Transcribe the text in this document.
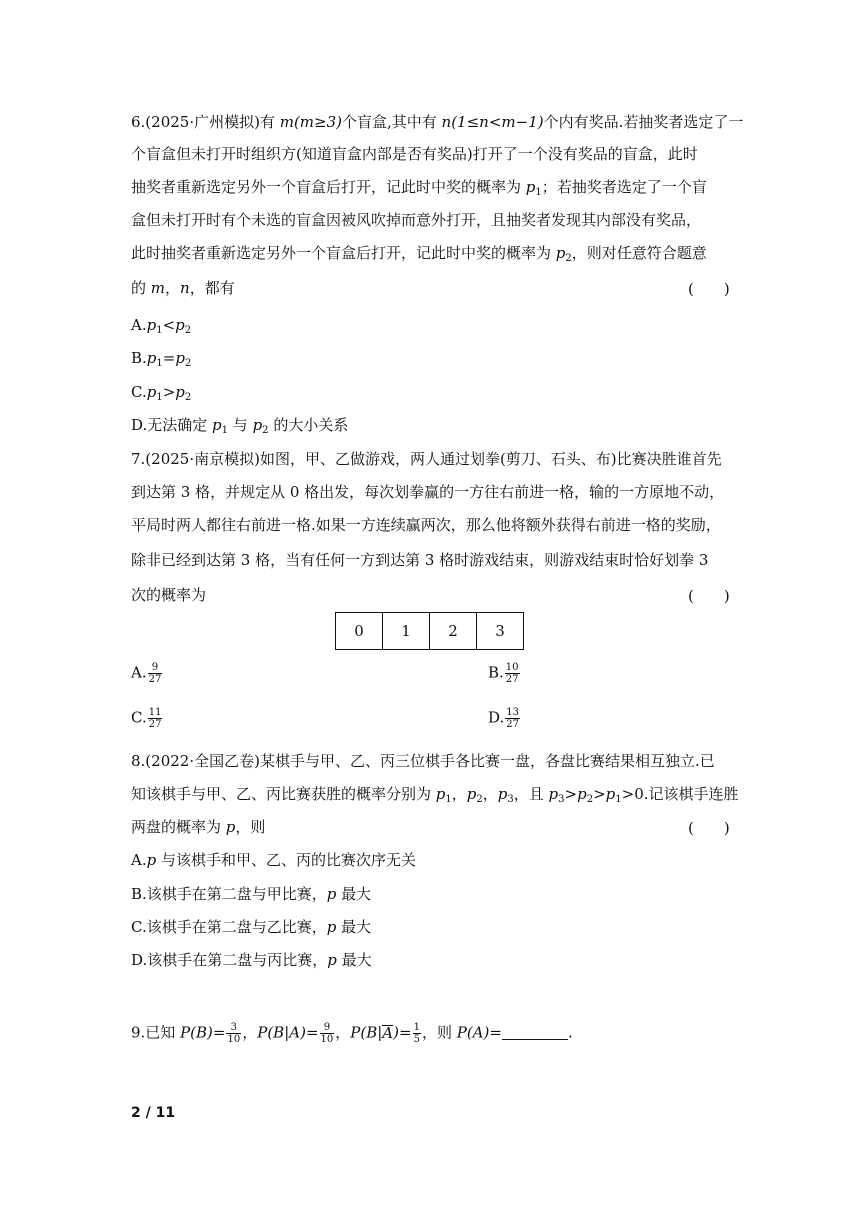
6.(2025·广州模拟)有 m(m≥3)个盲盒,其中有 n(1≤n<m−1)个内有奖品.若抽奖者选定了一
个盲盒但未打开时组织方(知道盲盒内部是否有奖品)打开了一个没有奖品的盲盒，此时
抽奖者重新选定另外一个盲盒后打开，记此时中奖的概率为 $p_1$；若抽奖者选定了一个盲
盒但未打开时有个未选的盲盒因被风吹掉而意外打开，且抽奖者发现其内部没有奖品，
此时抽奖者重新选定另外一个盲盒后打开，记此时中奖的概率为 $p_2$，则对任意符合题意
的 m，n，都有	(　　)
$A.p_1<p_2$
$B.p_1=p_2$
$C.p_1>p_2$
D.无法确定 $p_1$ 与 $p_2$ 的大小关系
7.(2025·南京模拟)如图，甲、乙做游戏，两人通过划拳(剪刀、石头、布)比赛决胜谁首先
到达第 3 格，并规定从 0 格出发，每次划拳赢的一方往右前进一格，输的一方原地不动，
平局时两人都往右前进一格.如果一方连续赢两次，那么他将额外获得右前进一格的奖励，
除非已经到达第 3 格，当有任何一方到达第 3 格时游戏结束，则游戏结束时恰好划拳 3
次的概率为	(　　)
0	1	2	3
A. $\frac{9}{27}$	B. $\frac{10}{27}$
C. $\frac{11}{27}$	D. $\frac{13}{27}$
8.(2022·全国乙卷)某棋手与甲、乙、丙三位棋手各比赛一盘，各盘比赛结果相互独立.已
知该棋手与甲、乙、丙比赛获胜的概率分别为 $p_1$，$p_2$，$p_3$，且 $p_3>p_2>p_1>0$.记该棋手连胜
两盘的概率为 p，则	(　　)
A.p 与该棋手和甲、乙、丙的比赛次序无关
B.该棋手在第二盘与甲比赛，p 最大
C.该棋手在第二盘与乙比赛，p 最大
D.该棋手在第二盘与丙比赛，p 最大
9.已知 $P(B)= \frac{3}{10}$ ，$P(B|A)= \frac{9}{10}$ ，$P(B|A)= \frac{1}{5}$ ，则 P(A)=	.
2 / 11
